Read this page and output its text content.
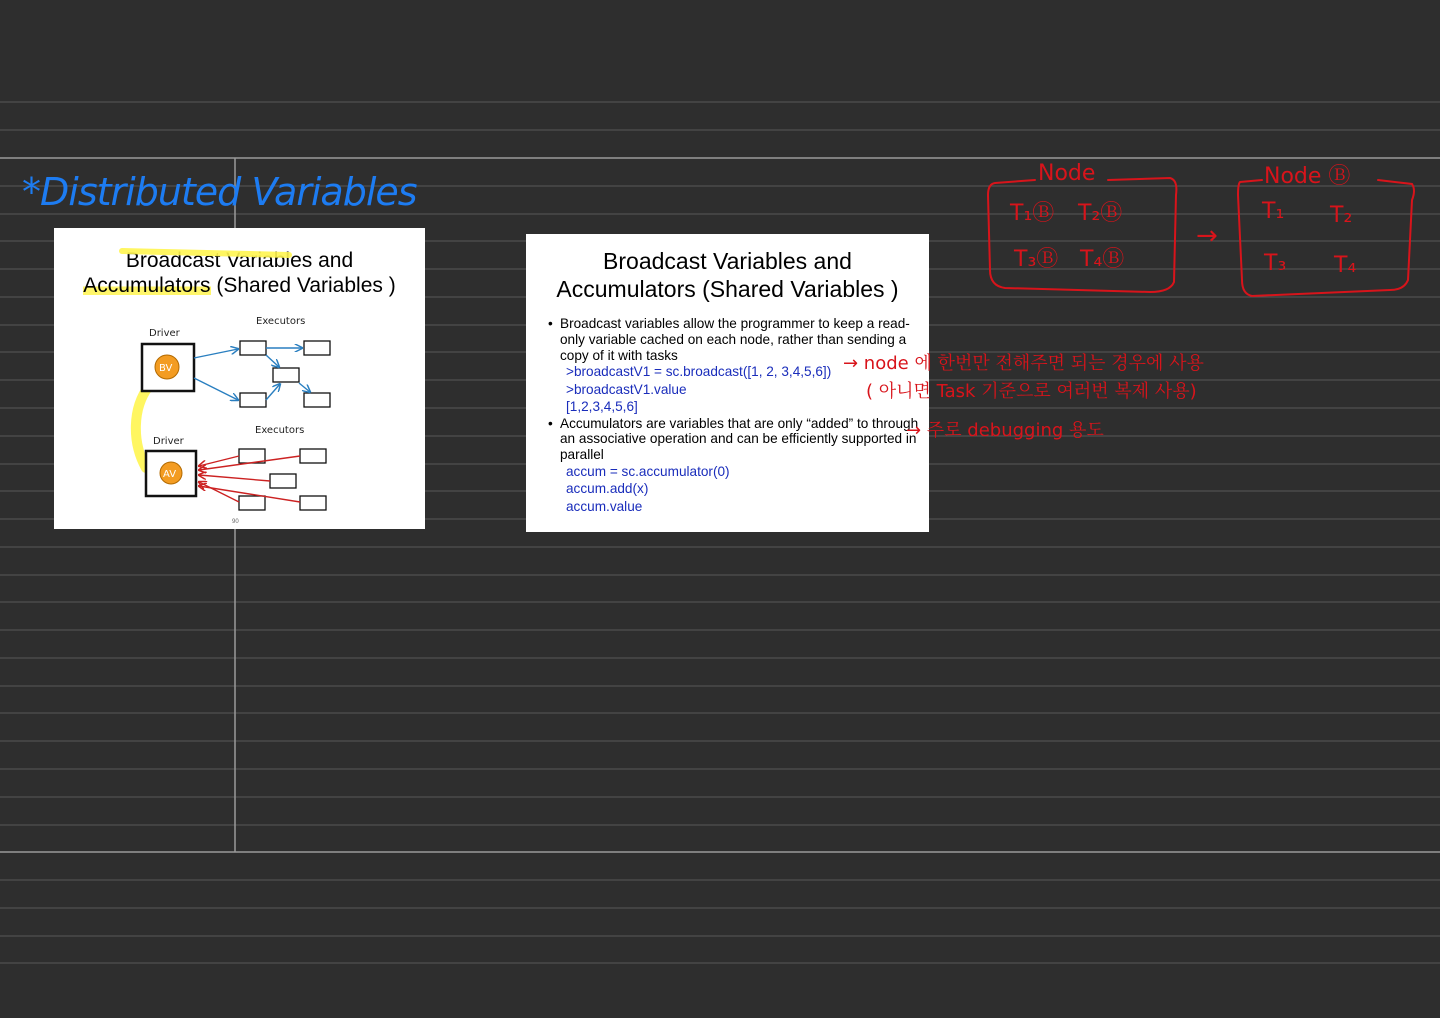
*Distributed Variables
Broadcast Variables and
Accumulators (Shared Variables )
Driver
Executors
BV
Driver
Executors
AV
90
Broadcast Variables and
Accumulators (Shared Variables )
• Broadcast variables allow the programmer to keep a read-only variable cached on each node, rather than sending a copy of it with tasks
>broadcastV1 = sc.broadcast([1, 2, 3,4,5,6])
>broadcastV1.value
[1,2,3,4,5,6]
• Accumulators are variables that are only “added” to through an associative operation and can be efficiently supported in parallel
accum = sc.accumulator(0)
accum.add(x)
accum.value
→ node 에 한번만 전해주면 되는 경우에 사용
( 아니면 Task 기준으로 여러번 복제 사용)
→ 주로 debugging 용도
Node
T₁Ⓑ T₂Ⓑ
T₃Ⓑ T₄Ⓑ
→
Node Ⓑ
T₁ T₂
T₃ T₄
